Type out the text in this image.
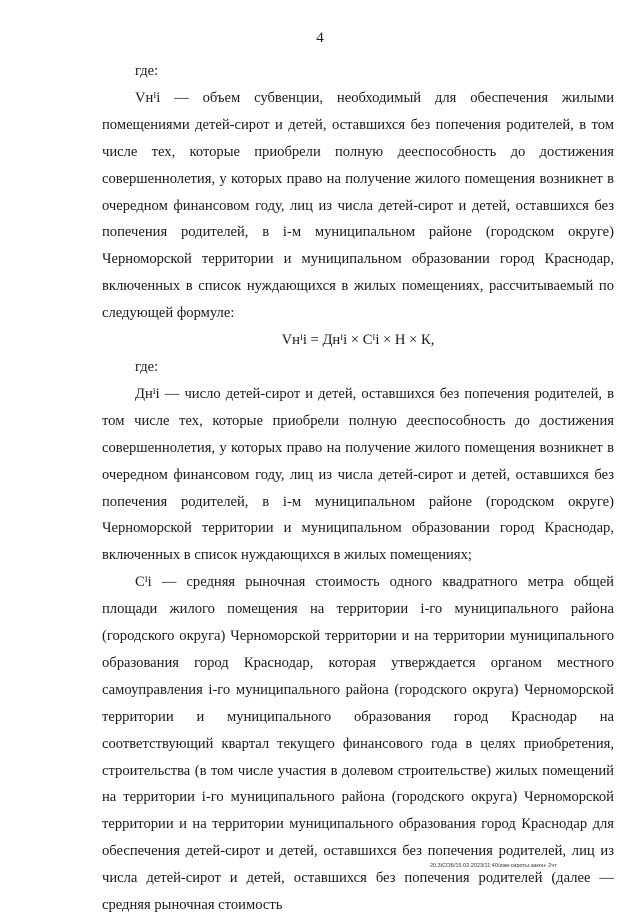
4

где:

Vнᴵi — объем субвенции, необходимый для обеспечения жилыми помещениями детей-сирот и детей, оставшихся без попечения родителей, в том числе тех, которые приобрели полную дееспособность до достижения совершеннолетия, у которых право на получение жилого помещения возникнет в очередном финансовом году, лиц из числа детей-сирот и детей, оставшихся без попечения родителей, в i-м муниципальном районе (городском округе) Черноморской территории и муниципальном образовании город Краснодар, включенных в список нуждающихся в жилых помещениях, рассчитываемый по следующей формуле:

Vнᴵi = Днᴵi × Сᴵi × Н × К,

где:

Днᴵi — число детей-сирот и детей, оставшихся без попечения родителей, в том числе тех, которые приобрели полную дееспособность до достижения совершеннолетия, у которых право на получение жилого помещения возникнет в очередном финансовом году, лиц из числа детей-сирот и детей, оставшихся без попечения родителей, в i-м муниципальном районе (городском округе) Черноморской территории и муниципальном образовании город Краснодар, включенных в список нуждающихся в жилых помещениях;

Сᴵi — средняя рыночная стоимость одного квадратного метра общей площади жилого помещения на территории i-го муниципального района (городского округа) Черноморской территории и на территории муниципального образования город Краснодар, которая утверждается органом местного самоуправления i-го муниципального района (городского округа) Черноморской территории и муниципального образования город Краснодар на соответствующий квартал текущего финансового года в целях приобретения, строительства (в том числе участия в долевом строительстве) жилых помещений на территории i-го муниципального района (городского округа) Черноморской территории и на территории муниципального образования город Краснодар для обеспечения детей-сирот и детей, оставшихся без попечения родителей, лиц из числа детей-сирот и детей, оставшихся без попечения родителей (далее — средняя рыночная стоимость

20.3/СОБ/15.02.2023/11:40/изм-сироты-закон- 2чт
